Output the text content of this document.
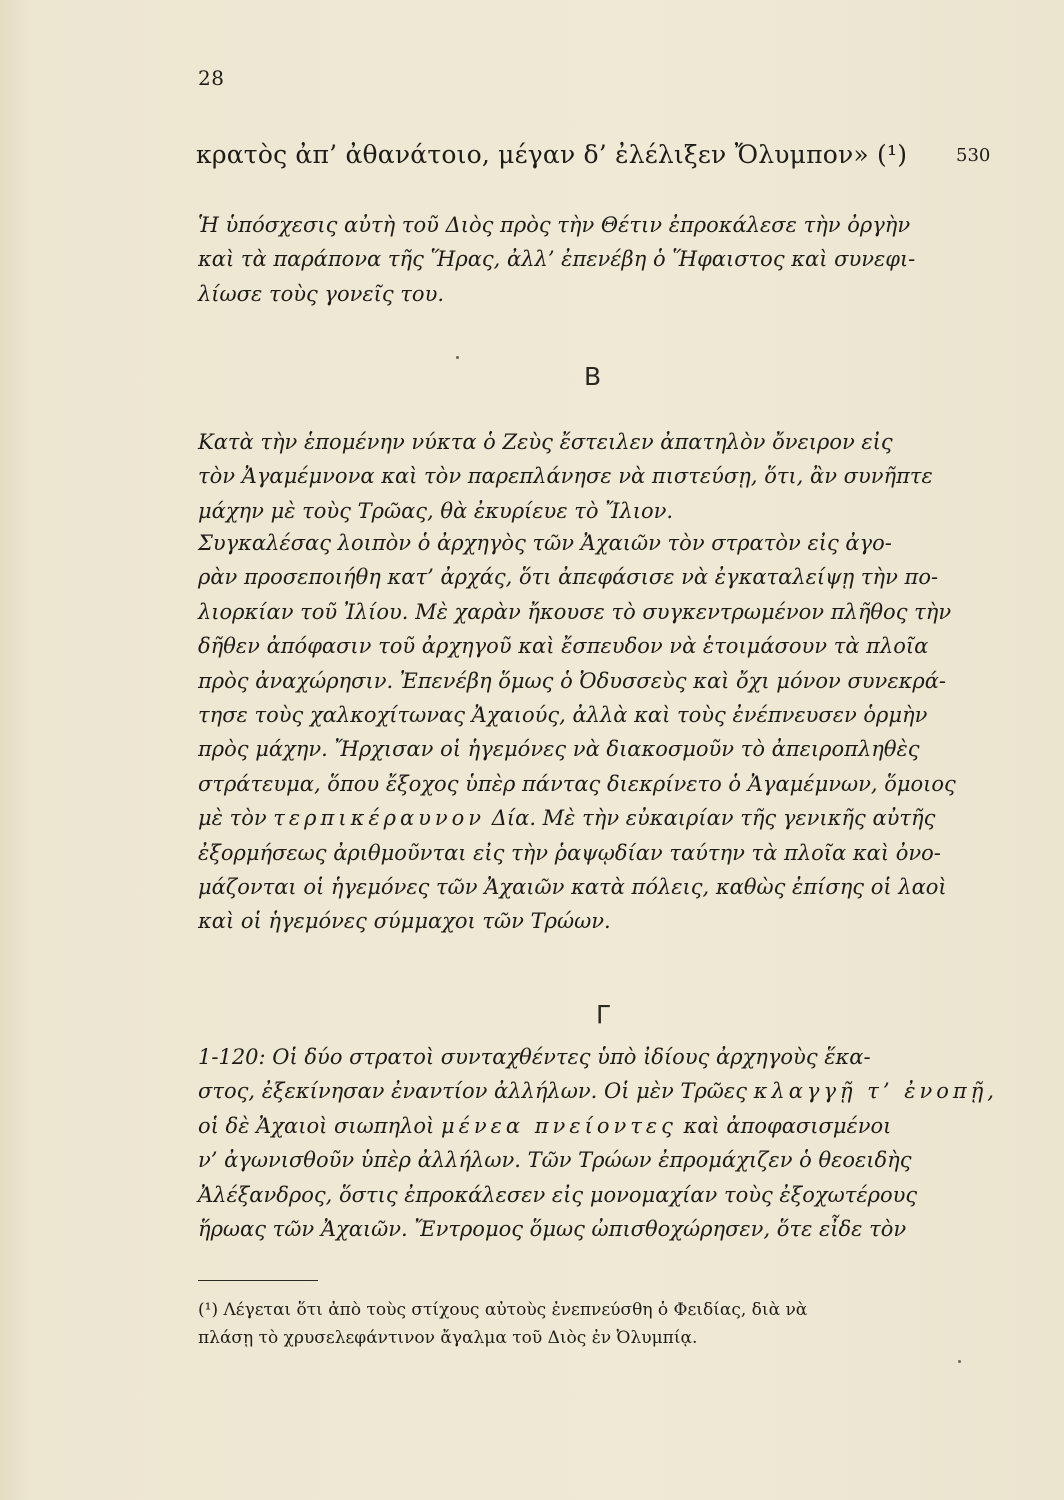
28
κρατὸς ἀπ’ ἀθανάτοιο, μέγαν δ’ ἐλέλιξεν Ὄλυμπον» (¹)	530

Ἡ ὑπόσχεσις αὐτὴ τοῦ Διὸς πρὸς τὴν Θέτιν ἐπροκάλεσε τὴν ὀργὴν
καὶ τὰ παράπονα τῆς Ἥρας, ἀλλ’ ἐπενέβη ὁ Ἥφαιστος καὶ συνεφι-
λίωσε τοὺς γονεῖς του.

Β

Κατὰ τὴν ἑπομένην νύκτα ὁ Ζεὺς ἔστειλεν ἀπατηλὸν ὄνειρον εἰς
τὸν Ἀγαμέμνονα καὶ τὸν παρεπλάνησε νὰ πιστεύσῃ, ὅτι, ἂν συνῆπτε
μάχην μὲ τοὺς Τρῶας, θὰ ἐκυρίευε τὸ Ἴλιον.

Συγκαλέσας λοιπὸν ὁ ἀρχηγὸς τῶν Ἀχαιῶν τὸν στρατὸν εἰς ἀγο-
ρὰν προσεποιήθη κατ’ ἀρχάς, ὅτι ἀπεφάσισε νὰ ἐγκαταλείψῃ τὴν πο-
λιορκίαν τοῦ Ἰλίου. Μὲ χαρὰν ἤκουσε τὸ συγκεντρωμένον πλῆθος τὴν
δῆθεν ἀπόφασιν τοῦ ἀρχηγοῦ καὶ ἔσπευδον νὰ ἑτοιμάσουν τὰ πλοῖα
πρὸς ἀναχώρησιν. Ἐπενέβη ὅμως ὁ Ὀδυσσεὺς καὶ ὄχι μόνον συνεκρά-
τησε τοὺς χαλκοχίτωνας Ἀχαιούς, ἀλλὰ καὶ τοὺς ἐνέπνευσεν ὁρμὴν
πρὸς μάχην. Ἤρχισαν οἱ ἡγεμόνες νὰ διακοσμοῦν τὸ ἀπειροπληθὲς
στράτευμα, ὅπου ἔξοχος ὑπὲρ πάντας διεκρίνετο ὁ Ἀγαμέμνων, ὅμοιος
μὲ τὸν τερπικέραυνον Δία. Μὲ τὴν εὐκαιρίαν τῆς γενικῆς αὐτῆς
ἐξορμήσεως ἀριθμοῦνται εἰς τὴν ῥαψῳδίαν ταύτην τὰ πλοῖα καὶ ὀνο-
μάζονται οἱ ἡγεμόνες τῶν Ἀχαιῶν κατὰ πόλεις, καθὼς ἐπίσης οἱ λαοὶ
καὶ οἱ ἡγεμόνες σύμμαχοι τῶν Τρώων.

Γ

1-120: Οἱ δύο στρατοὶ συνταχθέντες ὑπὸ ἰδίους ἀρχηγοὺς ἕκα-
στος, ἐξεκίνησαν ἐναντίον ἀλλήλων. Οἱ μὲν Τρῶες κλαγγῇ τ’ ἐνοπῇ,
οἱ δὲ Ἀχαιοὶ σιωπηλοὶ μένεα πνείοντες καὶ ἀποφασισμένοι
ν’ ἀγωνισθοῦν ὑπὲρ ἀλλήλων. Τῶν Τρώων ἐπρομάχιζεν ὁ θεοειδὴς
Ἀλέξανδρος, ὅστις ἐπροκάλεσεν εἰς μονομαχίαν τοὺς ἐξοχωτέρους
ἥρωας τῶν Ἀχαιῶν. Ἔντρομος ὅμως ὠπισθοχώρησεν, ὅτε εἶδε τὸν

(¹) Λέγεται ὅτι ἀπὸ τοὺς στίχους αὐτοὺς ἐνεπνεύσθη ὁ Φειδίας, διὰ νὰ
πλάσῃ τὸ χρυσελεφάντινον ἄγαλμα τοῦ Διὸς ἐν Ὀλυμπίᾳ.
